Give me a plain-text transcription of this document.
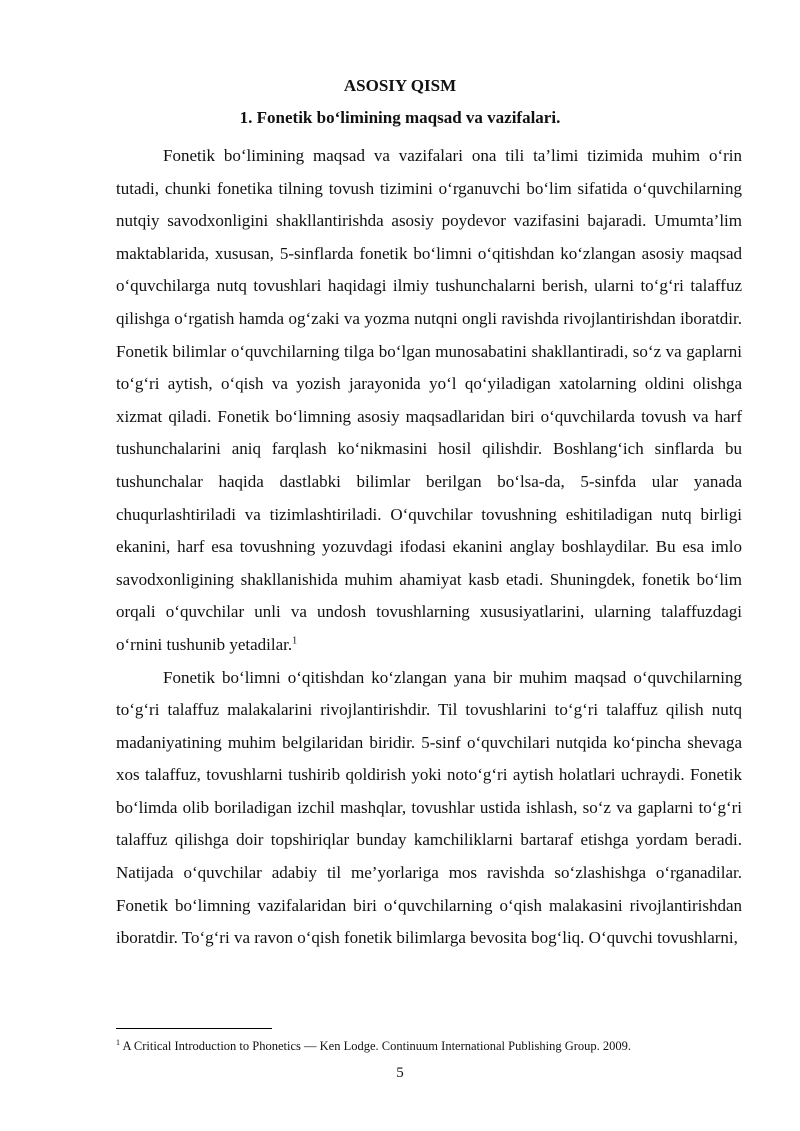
ASOSIY QISM
1. Fonetik bo‘limining maqsad va vazifalari.

Fonetik bo‘limining maqsad va vazifalari ona tili ta’limi tizimida muhim o‘rin tutadi, chunki fonetika tilning tovush tizimini o‘rganuvchi bo‘lim sifatida o‘quvchilarning nutqiy savodxonligini shakllantirishda asosiy poydevor vazifasini bajaradi. Umumta’lim maktablarida, xususan, 5-sinflarda fonetik bo‘limni o‘qitishdan ko‘zlangan asosiy maqsad o‘quvchilarga nutq tovushlari haqidagi ilmiy tushunchalarni berish, ularni to‘g‘ri talaffuz qilishga o‘rgatish hamda og‘zaki va yozma nutqni ongli ravishda rivojlantirishdan iboratdir. Fonetik bilimlar o‘quvchilarning tilga bo‘lgan munosabatini shakllantiradi, so‘z va gaplarni to‘g‘ri aytish, o‘qish va yozish jarayonida yo‘l qo‘yiladigan xatolarning oldini olishga xizmat qiladi. Fonetik bo‘limning asosiy maqsadlaridan biri o‘quvchilarda tovush va harf tushunchalarini aniq farqlash ko‘nikmasini hosil qilishdir. Boshlang‘ich sinflarda bu tushunchalar haqida dastlabki bilimlar berilgan bo‘lsa-da, 5-sinfda ular yanada chuqurlashtiriladi va tizimlashtiriladi. O‘quvchilar tovushning eshitiladigan nutq birligi ekanini, harf esa tovushning yozuvdagi ifodasi ekanini anglay boshlaydilar. Bu esa imlo savodxonligining shakllanishida muhim ahamiyat kasb etadi. Shuningdek, fonetik bo‘lim orqali o‘quvchilar unli va undosh tovushlarning xususiyatlarini, ularning talaffuzdagi o‘rnini tushunib yetadilar.$^1$

Fonetik bo‘limni o‘qitishdan ko‘zlangan yana bir muhim maqsad o‘quvchilarning to‘g‘ri talaffuz malakalarini rivojlantirishdir. Til tovushlarini to‘g‘ri talaffuz qilish nutq madaniyatining muhim belgilaridan biridir. 5-sinf o‘quvchilari nutqida ko‘pincha shevaga xos talaffuz, tovushlarni tushirib qoldirish yoki noto‘g‘ri aytish holatlari uchraydi. Fonetik bo‘limda olib boriladigan izchil mashqlar, tovushlar ustida ishlash, so‘z va gaplarni to‘g‘ri talaffuz qilishga doir topshiriqlar bunday kamchiliklarni bartaraf etishga yordam beradi. Natijada o‘quvchilar adabiy til me’yorlariga mos ravishda so‘zlashishga o‘rganadilar. Fonetik bo‘limning vazifalaridan biri o‘quvchilarning o‘qish malakasini rivojlantirishdan iboratdir. To‘g‘ri va ravon o‘qish fonetik bilimlarga bevosita bog‘liq. O‘quvchi tovushlarni,

$^1$ A Critical Introduction to Phonetics — Ken Lodge. Continuum International Publishing Group. 2009.
5
